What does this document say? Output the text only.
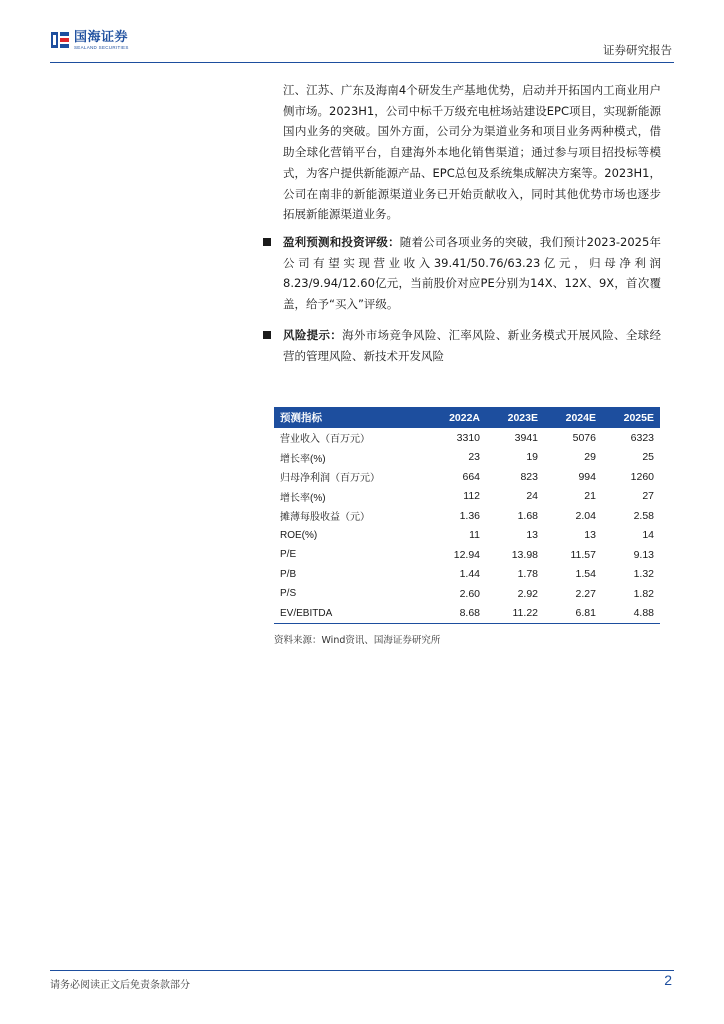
国海证券
SEALAND SECURITIES	证券研究报告

江、江苏、广东及海南4个研发生产基地优势，启动并开拓国内工商业用户侧市场。2023H1，公司中标千万级充电桩场站建设EPC项目，实现新能源国内业务的突破。国外方面，公司分为渠道业务和项目业务两种模式，借助全球化营销平台，自建海外本地化销售渠道；通过参与项目招投标等模式，为客户提供新能源产品、EPC总包及系统集成解决方案等。2023H1，公司在南非的新能源渠道业务已开始贡献收入，同时其他优势市场也逐步拓展新能源渠道业务。

盈利预测和投资评级：随着公司各项业务的突破，我们预计2023-2025年公司有望实现营业收入39.41/50.76/63.23亿元，归母净利润8.23/9.94/12.60亿元，当前股价对应PE分别为14X、12X、9X，首次覆盖，给予“买入”评级。

风险提示：海外市场竞争风险、汇率风险、新业务模式开展风险、全球经营的管理风险、新技术开发风险

预测指标	2022A	2023E	2024E	2025E
营业收入（百万元）	3310	3941	5076	6323
增长率(%)	23	19	29	25
归母净利润（百万元）	664	823	994	1260
增长率(%)	112	24	21	27
摊薄每股收益（元）	1.36	1.68	2.04	2.58
ROE(%)	11	13	13	14
P/E	12.94	13.98	11.57	9.13
P/B	1.44	1.78	1.54	1.32
P/S	2.60	2.92	2.27	1.82
EV/EBITDA	8.68	11.22	6.81	4.88
资料来源：Wind资讯、国海证券研究所
请务必阅读正文后免责条款部分	2
